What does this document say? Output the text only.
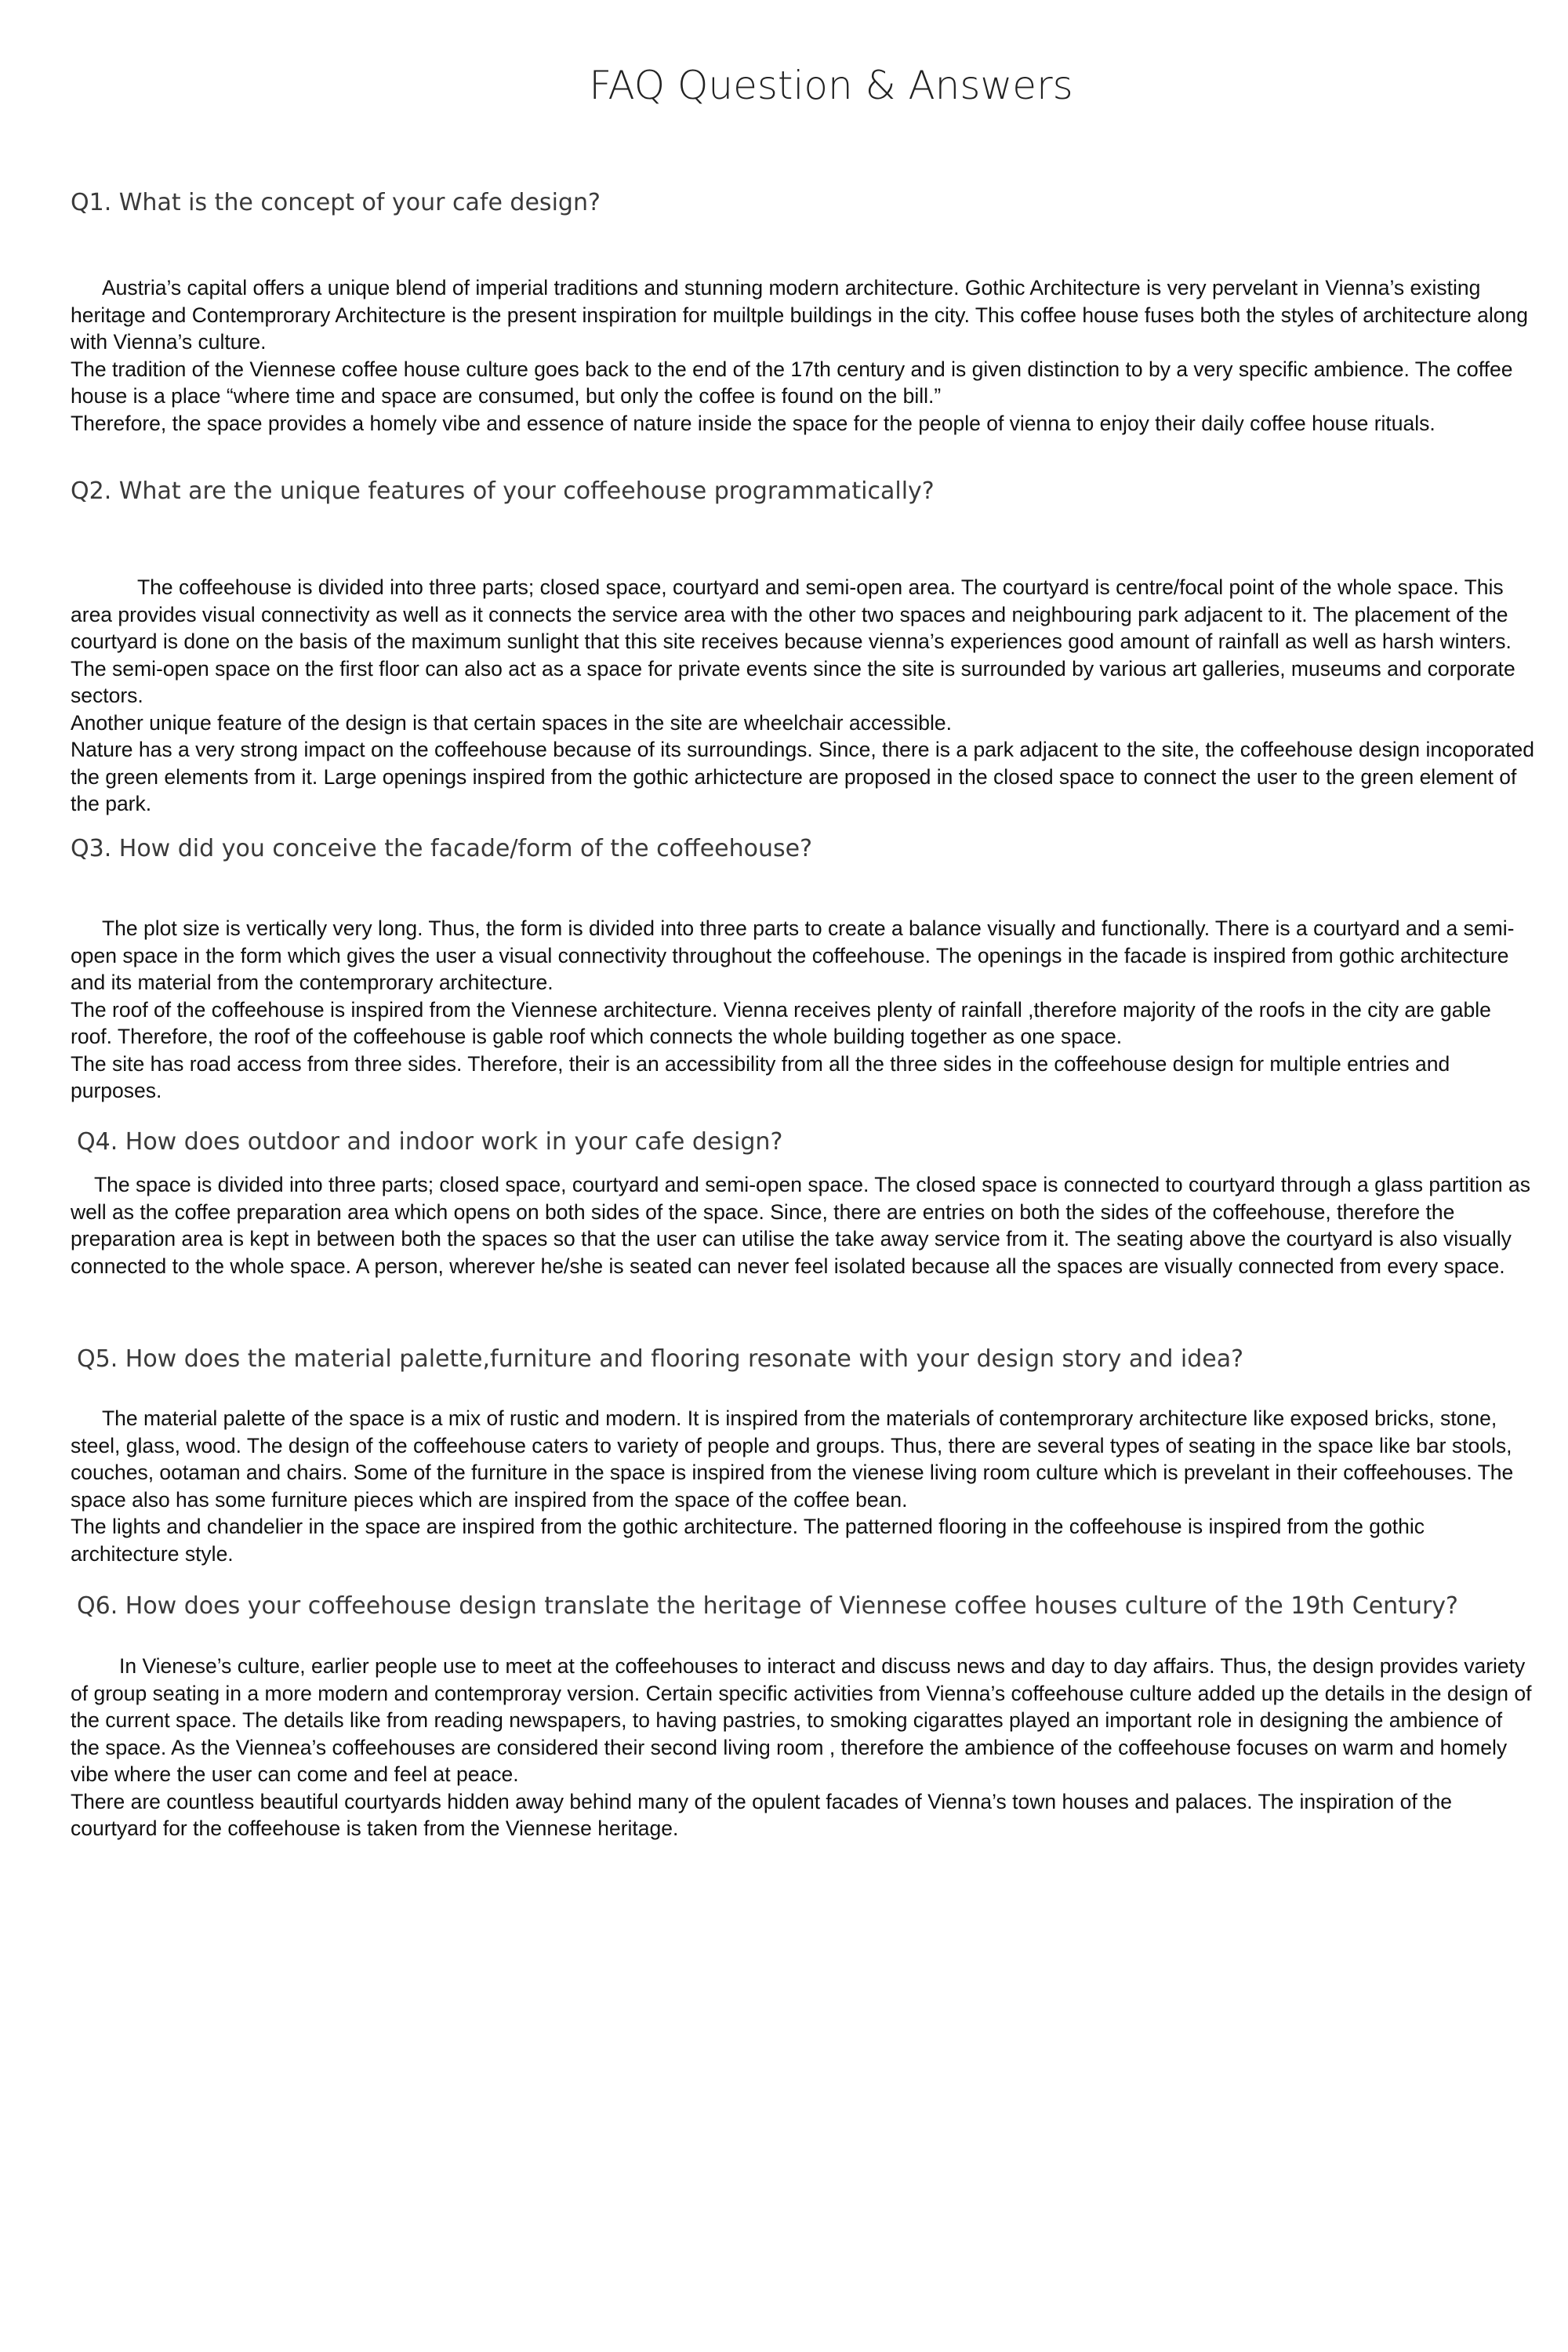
FAQ Question & Answers
Q1. What is the concept of your cafe design?

Austria’s capital offers a unique blend of imperial traditions and stunning modern architecture. Gothic Architecture is very pervelant in Vienna’s existing heritage and Contemprorary Architecture is the present inspiration for muiltple buildings in the city. This coffee house fuses both the styles of architecture along with Vienna’s culture.

The tradition of the Viennese coffee house culture goes back to the end of the 17th century and is given distinction to by a very specific ambience. The coffee house is a place “where time and space are consumed, but only the coffee is found on the bill.”

Therefore, the space provides a homely vibe and essence of nature inside the space for the people of vienna to enjoy their daily coffee house rituals.

Q2. What are the unique features of your coffeehouse programmatically?

The coffeehouse is divided into three parts; closed space, courtyard and semi-open area. The courtyard is centre/focal point of the whole space. This area provides visual connectivity as well as it connects the service area with the other two spaces and neighbouring park adjacent to it. The placement of the courtyard is done on the basis of the maximum sunlight that this site receives because vienna’s experiences good amount of rainfall as well as harsh winters. The semi-open space on the first floor can also act as a space for private events since the site is surrounded by various art galleries, museums and corporate sectors.

Another unique feature of the design is that certain spaces in the site are wheelchair accessible.

Nature has a very strong impact on the coffeehouse because of its surroundings. Since, there is a park adjacent to the site, the coffeehouse design incoporated the green elements from it. Large openings inspired from the gothic arhictecture are proposed in the closed space to connect the user to the green element of the park.

Q3. How did you conceive the facade/form of the coffeehouse?

The plot size is vertically very long. Thus, the form is divided into three parts to create a balance visually and functionally. There is a courtyard and a semi-open space in the form which gives the user a visual connectivity throughout the coffeehouse. The openings in the facade is inspired from gothic architecture and its material from the contemprorary architecture.

The roof of the coffeehouse is inspired from the Viennese architecture. Vienna receives plenty of rainfall ,therefore majority of the roofs in the city are gable roof. Therefore, the roof of the coffeehouse is gable roof which connects the whole building together as one space.

The site has road access from three sides. Therefore, their is an accessibility from all the three sides in the coffeehouse design for multiple entries and purposes.

Q4. How does outdoor and indoor work in your cafe design?

The space is divided into three parts; closed space, courtyard and semi-open space. The closed space is connected to courtyard through a glass partition as well as the coffee preparation area which opens on both sides of the space. Since, there are entries on both the sides of the coffeehouse, therefore the preparation area is kept in between both the spaces so that the user can utilise the take away service from it. The seating above the courtyard is also visually connected to the whole space. A person, wherever he/she is seated can never feel isolated because all the spaces are visually connected from every space.

Q5. How does the material palette,furniture and flooring resonate with your design story and idea?

The material palette of the space is a mix of rustic and modern. It is inspired from the materials of contemprorary architecture like exposed bricks, stone, steel, glass, wood. The design of the coffeehouse caters to variety of people and groups. Thus, there are several types of seating in the space like bar stools, couches, ootaman and chairs. Some of the furniture in the space is inspired from the vienese living room culture which is prevelant in their coffeehouses. The space also has some furniture pieces which are inspired from the space of the coffee bean.

The lights and chandelier in the space are inspired from the gothic architecture. The patterned flooring in the coffeehouse is inspired from the gothic architecture style.

Q6. How does your coffeehouse design translate the heritage of Viennese coffee houses culture of the 19th Century?

In Vienese’s culture, earlier people use to meet at the coffeehouses to interact and discuss news and day to day affairs. Thus, the design provides variety of group seating in a more modern and contemproray version. Certain specific activities from Vienna’s coffeehouse culture added up the details in the design of the current space. The details like from reading newspapers, to having pastries, to smoking cigarattes played an important role in designing the ambience of the space. As the Viennea’s coffeehouses are considered their second living room , therefore the ambience of the coffeehouse focuses on warm and homely vibe where the user can come and feel at peace.

There are countless beautiful courtyards hidden away behind many of the opulent facades of Vienna’s town houses and palaces. The inspiration of the courtyard for the coffeehouse is taken from the Viennese heritage.
